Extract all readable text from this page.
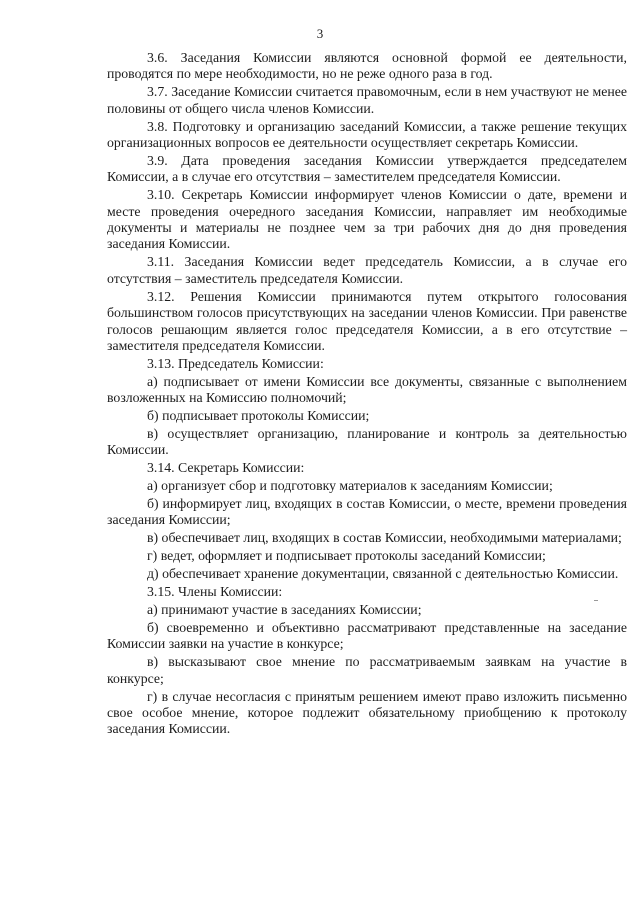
3

3.6. Заседания Комиссии являются основной формой ее деятельности, проводятся по мере необходимости, но не реже одного раза в год.

3.7. Заседание Комиссии считается правомочным, если в нем участвуют не менее половины от общего числа членов Комиссии.

3.8. Подготовку и организацию заседаний Комиссии, а также решение текущих организационных вопросов ее деятельности осуществляет секретарь Комиссии.

3.9. Дата проведения заседания Комиссии утверждается председателем Комиссии, а в случае его отсутствия – заместителем председателя Комиссии.

3.10. Секретарь Комиссии информирует членов Комиссии о дате, времени и месте проведения очередного заседания Комиссии, направляет им необходимые документы и материалы не позднее чем за три рабочих дня до дня проведения заседания Комиссии.

3.11. Заседания Комиссии ведет председатель Комиссии, а в случае его отсутствия – заместитель председателя Комиссии.

3.12. Решения Комиссии принимаются путем открытого голосования большинством голосов присутствующих на заседании членов Комиссии. При равенстве голосов решающим является голос председателя Комиссии, а в его отсутствие – заместителя председателя Комиссии.

3.13. Председатель Комиссии:

а) подписывает от имени Комиссии все документы, связанные с выполнением возложенных на Комиссию полномочий;

б) подписывает протоколы Комиссии;

в) осуществляет организацию, планирование и контроль за деятельностью Комиссии.

3.14. Секретарь Комиссии:

а) организует сбор и подготовку материалов к заседаниям Комиссии;

б) информирует лиц, входящих в состав Комиссии, о месте, времени проведения заседания Комиссии;

в) обеспечивает лиц, входящих в состав Комиссии, необходимыми материалами;

г) ведет, оформляет и подписывает протоколы заседаний Комиссии;

д) обеспечивает хранение документации, связанной с деятельностью Комиссии.

3.15. Члены Комиссии:

а) принимают участие в заседаниях Комиссии;

б) своевременно и объективно рассматривают представленные на заседание Комиссии заявки на участие в конкурсе;

в) высказывают свое мнение по рассматриваемым заявкам на участие в конкурсе;

г) в случае несогласия с принятым решением имеют право изложить письменно свое особое мнение, которое подлежит обязательному приобщению к протоколу заседания Комиссии.
